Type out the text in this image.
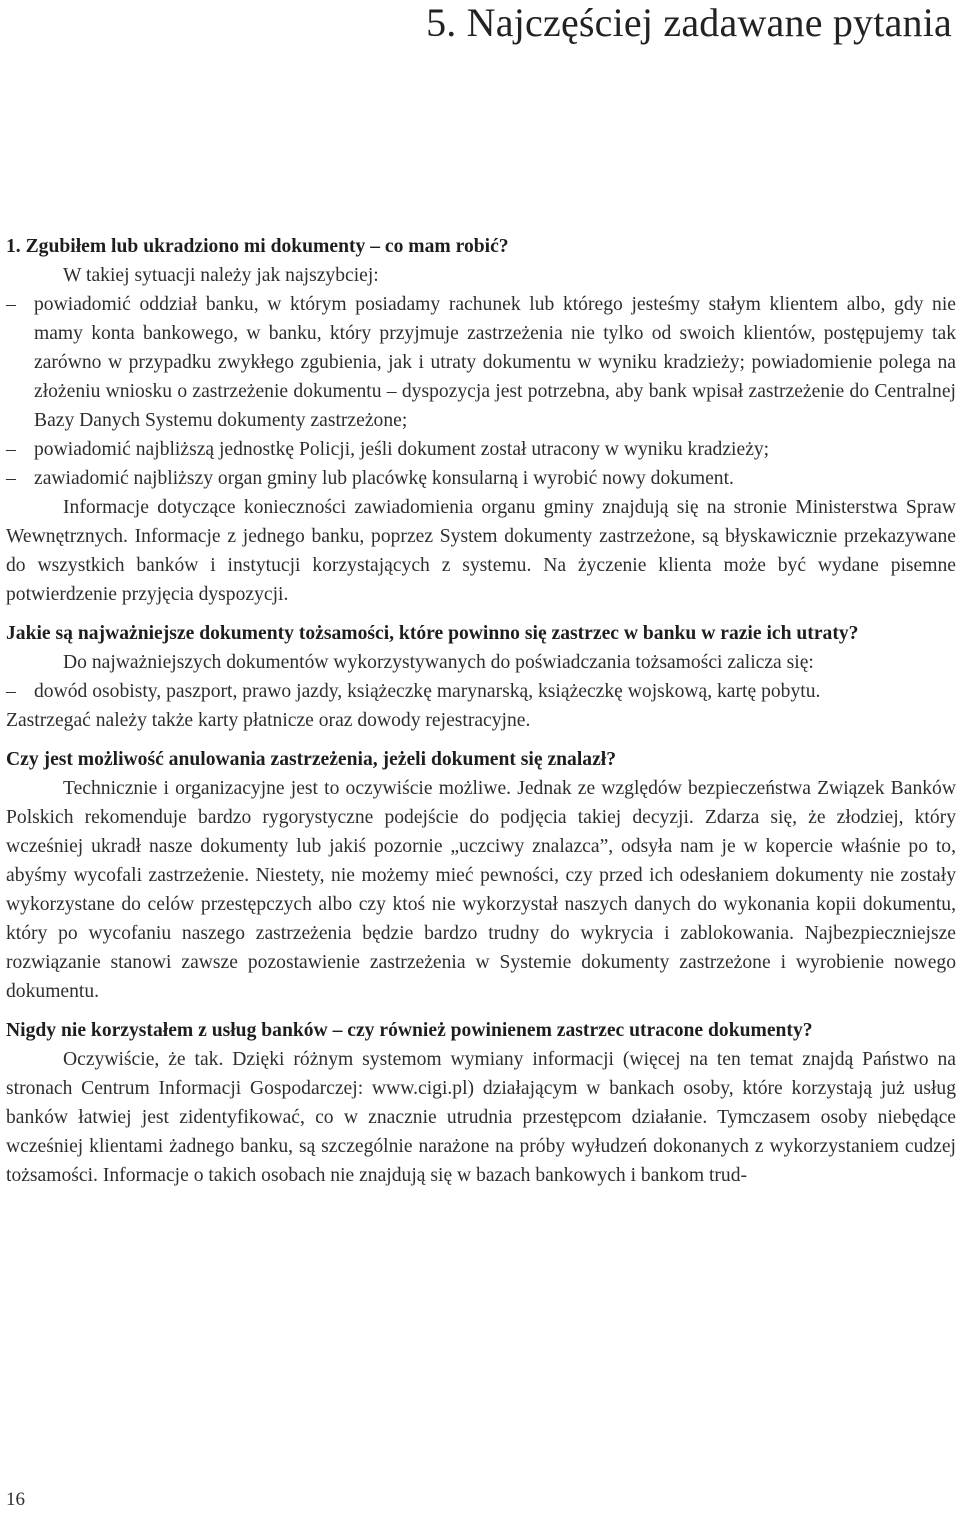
5. Najczęściej zadawane pytania

1. Zgubiłem lub ukradziono mi dokumenty – co mam robić?

W takiej sytuacji należy jak najszybciej:

– powiadomić oddział banku, w którym posiadamy rachunek lub którego jesteśmy stałym klientem albo, gdy nie mamy konta bankowego, w banku, który przyjmuje zastrzeżenia nie tylko od swoich klientów, postępujemy tak zarówno w przypadku zwykłego zgubienia, jak i utraty dokumentu w wyniku kradzieży; powiadomienie polega na złożeniu wniosku o zastrzeżenie dokumentu – dyspozycja jest potrzebna, aby bank wpisał zastrzeżenie do Centralnej Bazy Danych Systemu dokumenty zastrzeżone;
– powiadomić najbliższą jednostkę Policji, jeśli dokument został utracony w wyniku kradzieży;
– zawiadomić najbliższy organ gminy lub placówkę konsularną i wyrobić nowy dokument.

Informacje dotyczące konieczności zawiadomienia organu gminy znajdują się na stronie Ministerstwa Spraw Wewnętrznych. Informacje z jednego banku, poprzez System dokumenty zastrzeżone, są błyskawicznie przekazywane do wszystkich banków i instytucji korzystających z systemu. Na życzenie klienta może być wydane pisemne potwierdzenie przyjęcia dyspozycji.

Jakie są najważniejsze dokumenty tożsamości, które powinno się zastrzec w banku w razie ich utraty?

Do najważniejszych dokumentów wykorzystywanych do poświadczania tożsamości zalicza się:

– dowód osobisty, paszport, prawo jazdy, książeczkę marynarską, książeczkę wojskową, kartę pobytu.

Zastrzegać należy także karty płatnicze oraz dowody rejestracyjne.

Czy jest możliwość anulowania zastrzeżenia, jeżeli dokument się znalazł?

Technicznie i organizacyjne jest to oczywiście możliwe. Jednak ze względów bezpieczeństwa Związek Banków Polskich rekomenduje bardzo rygorystyczne podejście do podjęcia takiej decyzji. Zdarza się, że złodziej, który wcześniej ukradł nasze dokumenty lub jakiś pozornie „uczciwy znalazca”, odsyła nam je w kopercie właśnie po to, abyśmy wycofali zastrzeżenie. Niestety, nie możemy mieć pewności, czy przed ich odesłaniem dokumenty nie zostały wykorzystane do celów przestępczych albo czy ktoś nie wykorzystał naszych danych do wykonania kopii dokumentu, który po wycofaniu naszego zastrzeżenia będzie bardzo trudny do wykrycia i zablokowania. Najbezpieczniejsze rozwiązanie stanowi zawsze pozostawienie zastrzeżenia w Systemie dokumenty zastrzeżone i wyrobienie nowego dokumentu.

Nigdy nie korzystałem z usług banków – czy również powinienem zastrzec utracone dokumenty?

Oczywiście, że tak. Dzięki różnym systemom wymiany informacji (więcej na ten temat znajdą Państwo na stronach Centrum Informacji Gospodarczej: www.cigi.pl) działającym w bankach osoby, które korzystają już usług banków łatwiej jest zidentyfikować, co w znacznie utrudnia przestępcom działanie. Tymczasem osoby niebędące wcześniej klientami żadnego banku, są szczególnie narażone na próby wyłudzeń dokonanych z wykorzystaniem cudzej tożsamości. Informacje o takich osobach nie znajdują się w bazach bankowych i bankom trud-

16
